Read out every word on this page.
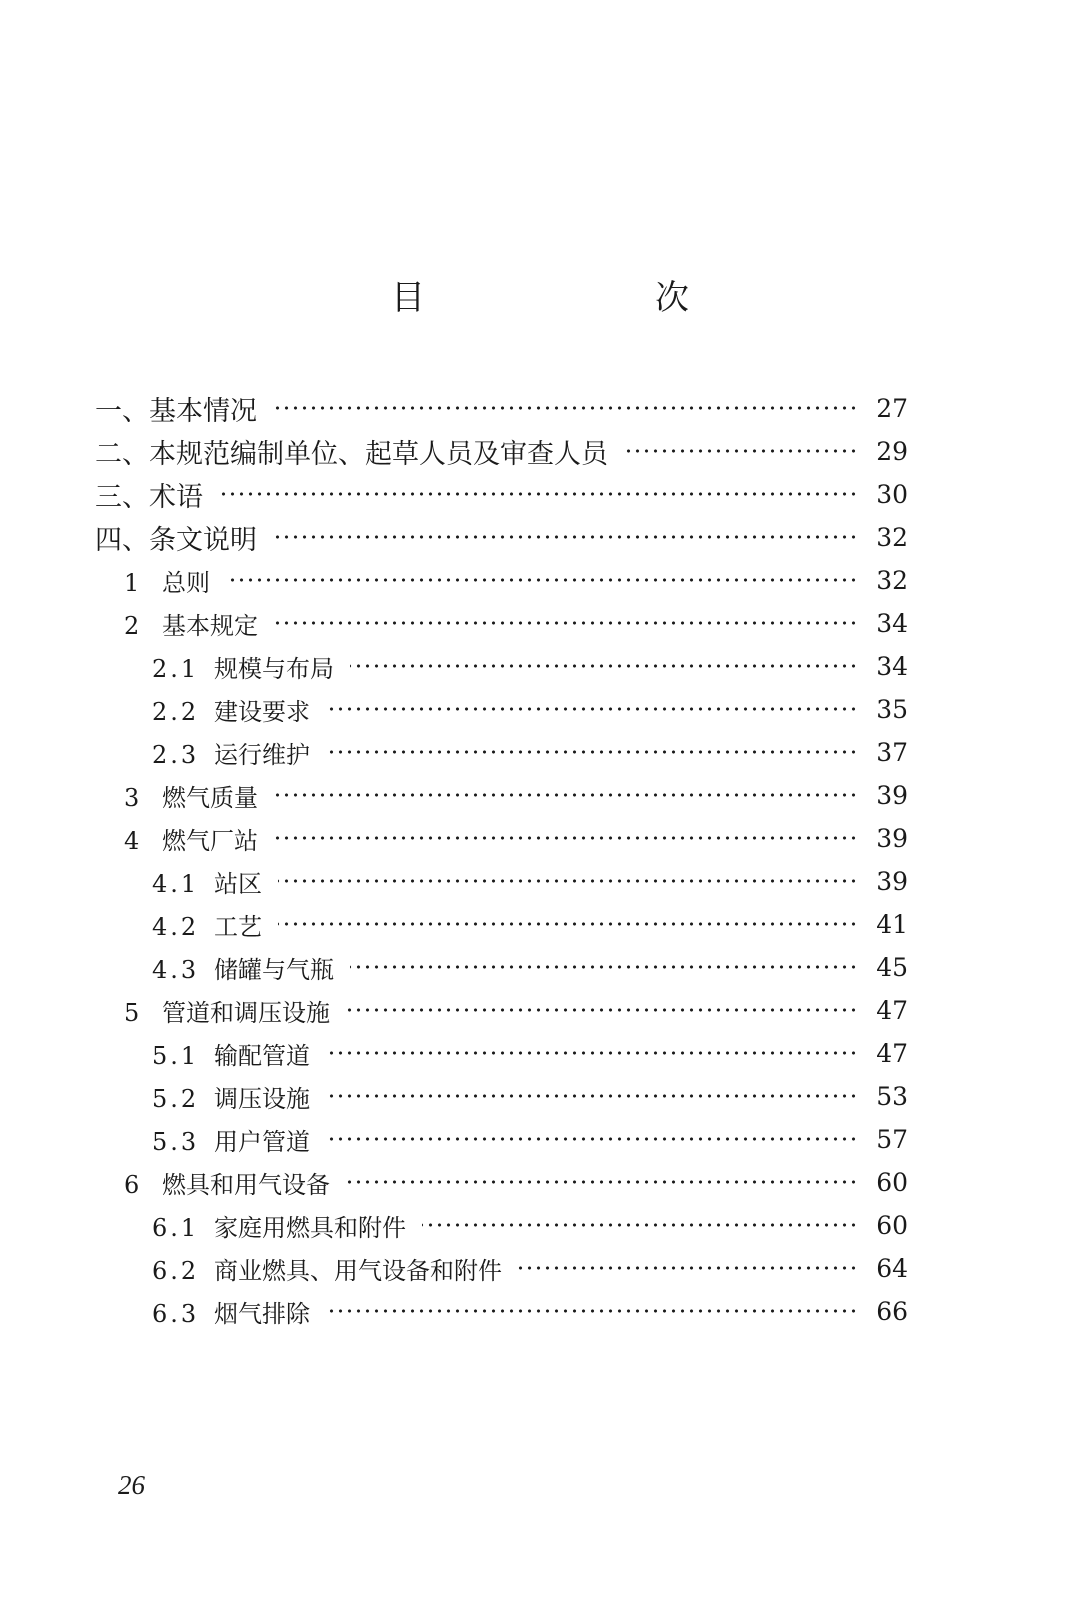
目　次
一、基本情况	27
二、本规范编制单位、起草人员及审查人员	29
三、术语	30
四、条文说明	32
1 总则	32
2 基本规定	34
2.1 规模与布局	34
2.2 建设要求	35
2.3 运行维护	37
3 燃气质量	39
4 燃气厂站	39
4.1 站区	39
4.2 工艺	41
4.3 储罐与气瓶	45
5 管道和调压设施	47
5.1 输配管道	47
5.2 调压设施	53
5.3 用户管道	57
6 燃具和用气设备	60
6.1 家庭用燃具和附件	60
6.2 商业燃具、用气设备和附件	64
6.3 烟气排除	66
26
